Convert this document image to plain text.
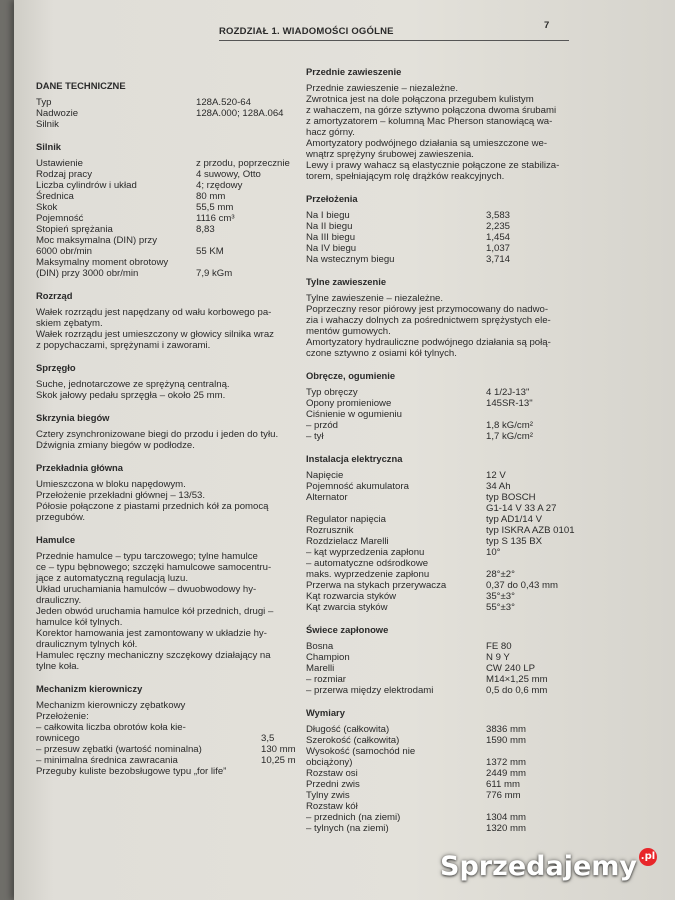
ROZDZIAŁ 1. WIADOMOŚCI OGÓLNE
7
DANE TECHNICZNE
Typ	128A.520-64
Nadwozie	128A.000; 128A.064
Silnik
Silnik
Ustawienie	z przodu, poprzecznie
Rodzaj pracy	4 suwowy, Otto
Liczba cylindrów i układ	4; rzędowy
Średnica	80 mm
Skok	55,5 mm
Pojemność	1116 cm³
Stopień sprężania	8,83
Moc maksymalna (DIN) przy
6000 obr/min	55 KM
Maksymalny moment obrotowy
(DIN) przy 3000 obr/min	7,9 kGm
Rozrząd
Wałek rozrządu jest napędzany od wału korbowego pa-
skiem zębatym.
Wałek rozrządu jest umieszczony w głowicy silnika wraz
z popychaczami, sprężynami i zaworami.
Sprzęgło
Suche, jednotarczowe ze sprężyną centralną.
Skok jałowy pedału sprzęgła – około 25 mm.
Skrzynia biegów
Cztery zsynchronizowane biegi do przodu i jeden do tyłu.
Dźwignia zmiany biegów w podłodze.
Przekładnia główna
Umieszczona w bloku napędowym.
Przełożenie przekładni głównej – 13/53.
Półosie połączone z piastami przednich kół za pomocą
przegubów.
Hamulce
Przednie hamulce – typu tarczowego; tylne hamulce
ce – typu bębnowego; szczęki hamulcowe samocentru-
jące z automatyczną regulacją luzu.
Układ uruchamiania hamulców – dwuobwodowy hy-
drauliczny.
Jeden obwód uruchamia hamulce kół przednich, drugi –
hamulce kół tylnych.
Korektor hamowania jest zamontowany w układzie hy-
draulicznym tylnych kół.
Hamulec ręczny mechaniczny szczękowy działający na
tylne koła.
Mechanizm kierowniczy
Mechanizm kierowniczy zębatkowy
Przełożenie:
– całkowita liczba obrotów koła kie-
rownicego	3,5
– przesuw zębatki (wartość nominalna)	130 mm
– minimalna średnica zawracania	10,25 m
Przeguby kuliste bezobsługowe typu „for life”
Przednie zawieszenie
Przednie zawieszenie – niezależne.
Zwrotnica jest na dole połączona przegubem kulistym
z wahaczem, na górze sztywno połączona dwoma śrubami
z amortyzatorem – kolumną Mac Pherson stanowiącą wa-
hacz górny.
Amortyzatory podwójnego działania są umieszczone we-
wnątrz sprężyny śrubowej zawieszenia.
Lewy i prawy wahacz są elastycznie połączone ze stabiliza-
torem, spełniającym rolę drążków reakcyjnych.
Przełożenia
Na I biegu	3,583
Na II biegu	2,235
Na III biegu	1,454
Na IV biegu	1,037
Na wstecznym biegu	3,714
Tylne zawieszenie
Tylne zawieszenie – niezależne.
Poprzeczny resor piórowy jest przymocowany do nadwo-
zia i wahaczy dolnych za pośrednictwem sprężystych ele-
mentów gumowych.
Amortyzatory hydrauliczne podwójnego działania są połą-
czone sztywno z osiami kół tylnych.
Obręcze, ogumienie
Typ obręczy	4 1/2J-13"
Opony promieniowe	145SR-13"
Ciśnienie w ogumieniu
– przód	1,8 kG/cm²
– tył	1,7 kG/cm²
Instalacja elektryczna
Napięcie	12 V
Pojemność akumulatora	34 Ah
Alternator	typ BOSCH
G1-14 V 33 A 27
Regulator napięcia	typ AD1/14 V
Rozrusznik	typ ISKRA AZB 0101
Rozdzielacz Marelli	typ S 135 BX
– kąt wyprzedzenia zapłonu	10°
– automatyczne odśrodkowe
maks. wyprzedzenie zapłonu	28°±2°
Przerwa na stykach przerywacza	0,37 do 0,43 mm
Kąt rozwarcia styków	35°±3°
Kąt zwarcia styków	55°±3°
Świece zapłonowe
Bosna	FE 80
Champion	N 9 Y
Marelli	CW 240 LP
– rozmiar	M14×1,25 mm
– przerwa między elektrodami	0,5 do 0,6 mm
Wymiary
Długość (całkowita)	3836 mm
Szerokość (całkowita)	1590 mm
Wysokość (samochód nie
obciążony)	1372 mm
Rozstaw osi	2449 mm
Przedni zwis	611 mm
Tylny zwis	776 mm
Rozstaw kół
– przednich (na ziemi)	1304 mm
– tylnych (na ziemi)	1320 mm
Sprzedajemy .pl
